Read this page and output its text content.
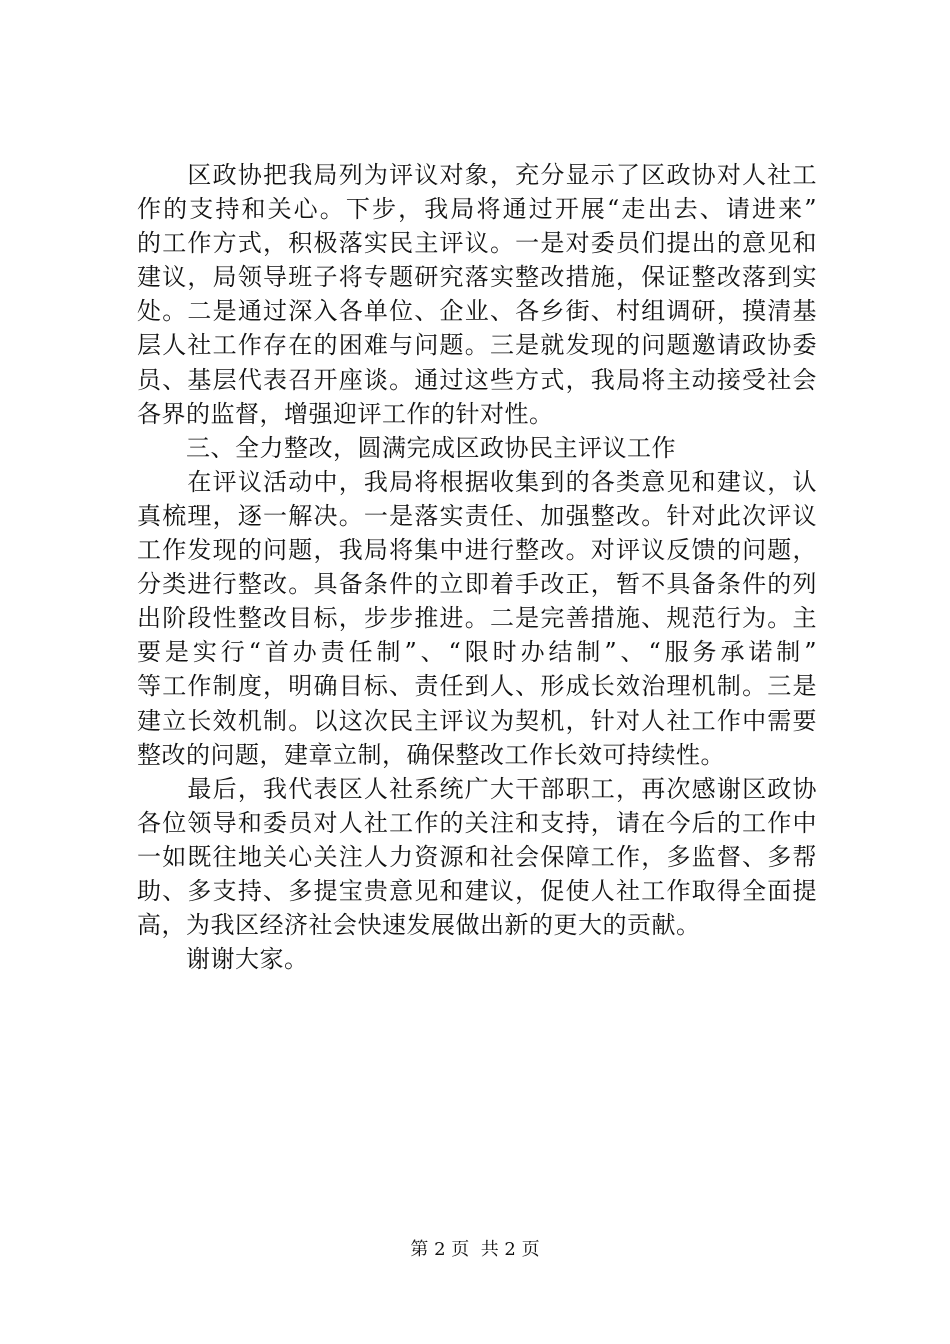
　　区政协把我局列为评议对象，充分显示了区政协对人社工
作的支持和关心。下步，我局将通过开展“走出去、请进来”
的工作方式，积极落实民主评议。一是对委员们提出的意见和
建议，局领导班子将专题研究落实整改措施，保证整改落到实
处。二是通过深入各单位、企业、各乡街、村组调研，摸清基
层人社工作存在的困难与问题。三是就发现的问题邀请政协委
员、基层代表召开座谈。通过这些方式，我局将主动接受社会
各界的监督，增强迎评工作的针对性。
　　三、全力整改，圆满完成区政协民主评议工作
　　在评议活动中，我局将根据收集到的各类意见和建议，认
真梳理，逐一解决。一是落实责任、加强整改。针对此次评议
工作发现的问题，我局将集中进行整改。对评议反馈的问题，
分类进行整改。具备条件的立即着手改正，暂不具备条件的列
出阶段性整改目标，步步推进。二是完善措施、规范行为。主
要是实行“首办责任制”、“限时办结制”、“服务承诺制”
等工作制度，明确目标、责任到人、形成长效治理机制。三是
建立长效机制。以这次民主评议为契机，针对人社工作中需要
整改的问题，建章立制，确保整改工作长效可持续性。
　　最后，我代表区人社系统广大干部职工，再次感谢区政协
各位领导和委员对人社工作的关注和支持，请在今后的工作中
一如既往地关心关注人力资源和社会保障工作，多监督、多帮
助、多支持、多提宝贵意见和建议，促使人社工作取得全面提
高，为我区经济社会快速发展做出新的更大的贡献。
　　谢谢大家。
第 2 页  共 2 页
